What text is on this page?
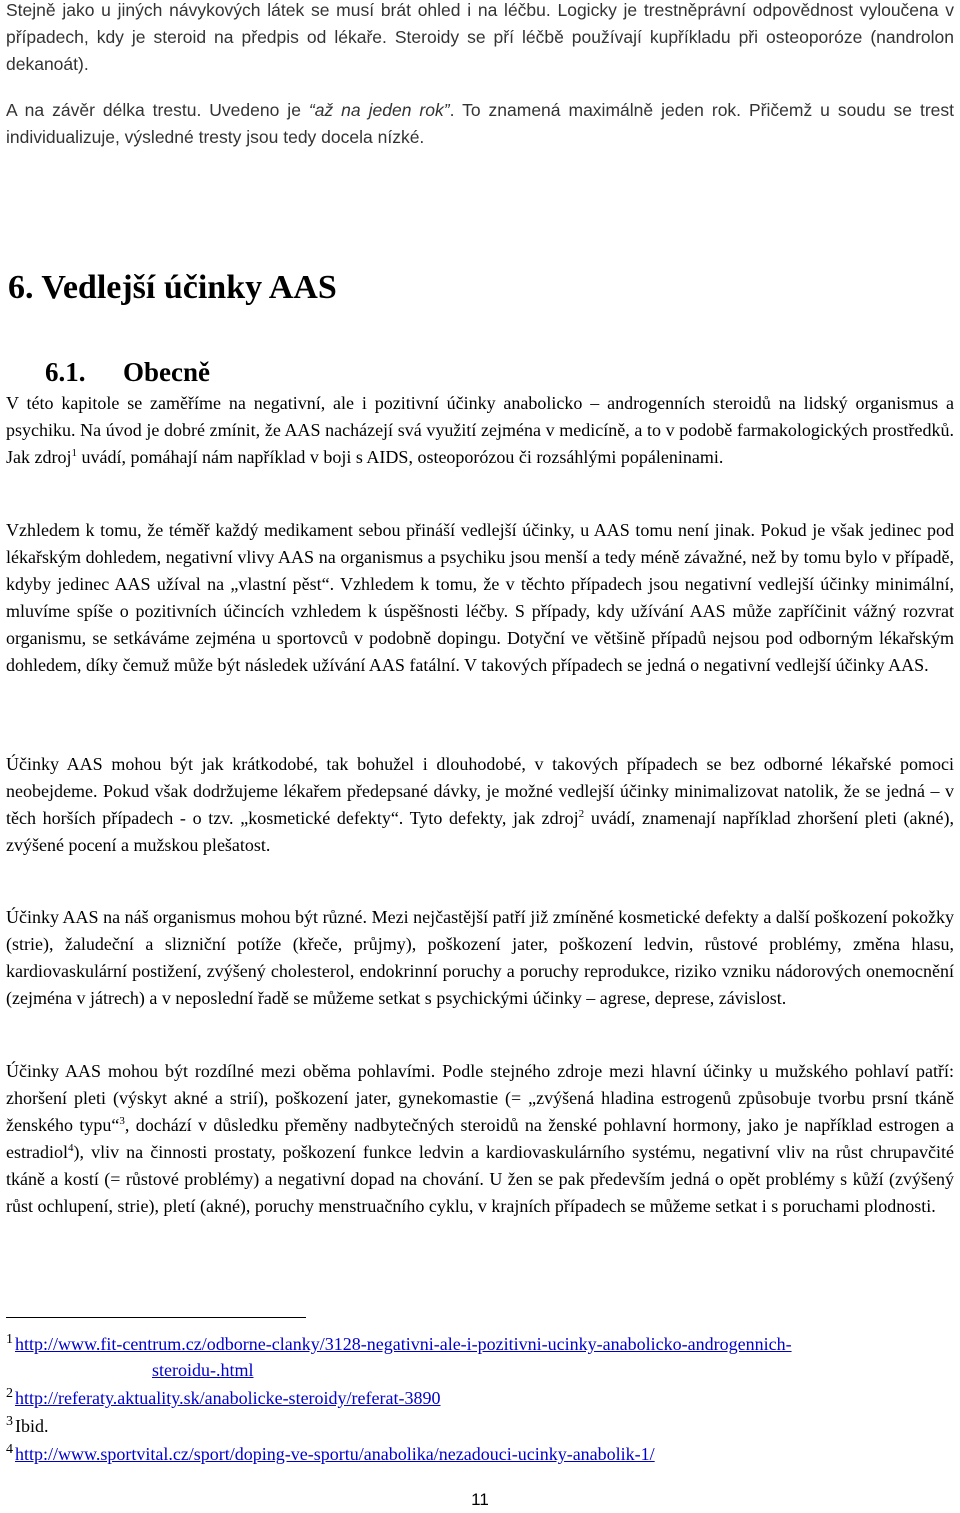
Stejně jako u jiných návykových látek se musí brát ohled i na léčbu. Logicky je trestněprávní odpovědnost vyloučena v případech, kdy je steroid na předpis od lékaře. Steroidy se pří léčbě používají kupříkladu při osteoporóze (nandrolon dekanoát).

A na závěr délka trestu. Uvedeno je “až na jeden rok”. To znamená maximálně jeden rok. Přičemž u soudu se trest individualizuje, výsledné tresty jsou tedy docela nízké.

6. Vedlejší účinky AAS
6.1. Obecně

V této kapitole se zaměříme na negativní, ale i pozitivní účinky anabolicko – androgenních steroidů na lidský organismus a psychiku. Na úvod je dobré zmínit, že AAS nacházejí svá využití zejména v medicíně, a to v podobě farmakologických prostředků. Jak zdroj$^1$ uvádí, pomáhají nám například v boji s AIDS, osteoporózou či rozsáhlými popáleninami.

Vzhledem k tomu, že téměř každý medikament sebou přináší vedlejší účinky, u AAS tomu není jinak. Pokud je však jedinec pod lékařským dohledem, negativní vlivy AAS na organismus a psychiku jsou menší a tedy méně závažné, než by tomu bylo v případě, kdyby jedinec AAS užíval na „vlastní pěst“. Vzhledem k tomu, že v těchto případech jsou negativní vedlejší účinky minimální, mluvíme spíše o pozitivních účincích vzhledem k úspěšnosti léčby. S případy, kdy užívání AAS může zapříčinit vážný rozvrat organismu, se setkáváme zejména u sportovců v podobně dopingu. Dotyční ve většině případů nejsou pod odborným lékařským dohledem, díky čemuž může být následek užívání AAS fatální. V takových případech se jedná o negativní vedlejší účinky AAS.

Účinky AAS mohou být jak krátkodobé, tak bohužel i dlouhodobé, v takových případech se bez odborné lékařské pomoci neobejdeme. Pokud však dodržujeme lékařem předepsané dávky, je možné vedlejší účinky minimalizovat natolik, že se jedná – v těch horších případech - o tzv. „kosmetické defekty“. Tyto defekty, jak zdroj$^2$ uvádí, znamenají například zhoršení pleti (akné), zvýšené pocení a mužskou plešatost.

Účinky AAS na náš organismus mohou být různé. Mezi nejčastější patří již zmíněné kosmetické defekty a další poškození pokožky (strie), žaludeční a slizniční potíže (křeče, průjmy), poškození jater, poškození ledvin, růstové problémy, změna hlasu, kardiovaskulární postižení, zvýšený cholesterol, endokrinní poruchy a poruchy reprodukce, riziko vzniku nádorových onemocnění (zejména v játrech) a v neposlední řadě se můžeme setkat s psychickými účinky – agrese, deprese, závislost.

Účinky AAS mohou být rozdílné mezi oběma pohlavími. Podle stejného zdroje mezi hlavní účinky u mužského pohlaví patří: zhoršení pleti (výskyt akné a strií), poškození jater, gynekomastie (= „zvýšená hladina estrogenů způsobuje tvorbu prsní tkáně ženského typu“$^3$, dochází v důsledku přeměny nadbytečných steroidů na ženské pohlavní hormony, jako je například estrogen a estradiol$^4$), vliv na činnosti prostaty, poškození funkce ledvin a kardiovaskulárního systému, negativní vliv na růst chrupavčité tkáně a kostí (= růstové problémy) a negativní dopad na chování. U žen se pak především jedná o opět problémy s kůží (zvýšený růst ochlupení, strie), pletí (akné), poruchy menstruačního cyklu, v krajních případech se můžeme setkat i s poruchami plodnosti.

$^1$ http://www.fit-centrum.cz/odborne-clanky/3128-negativni-ale-i-pozitivni-ucinky-anabolicko-androgennich-
steroidu-.html

$^2$ http://referaty.aktuality.sk/anabolicke-steroidy/referat-3890

$^3$ Ibid.

$^4$ http://www.sportvital.cz/sport/doping-ve-sportu/anabolika/nezadouci-ucinky-anabolik-1/

11
